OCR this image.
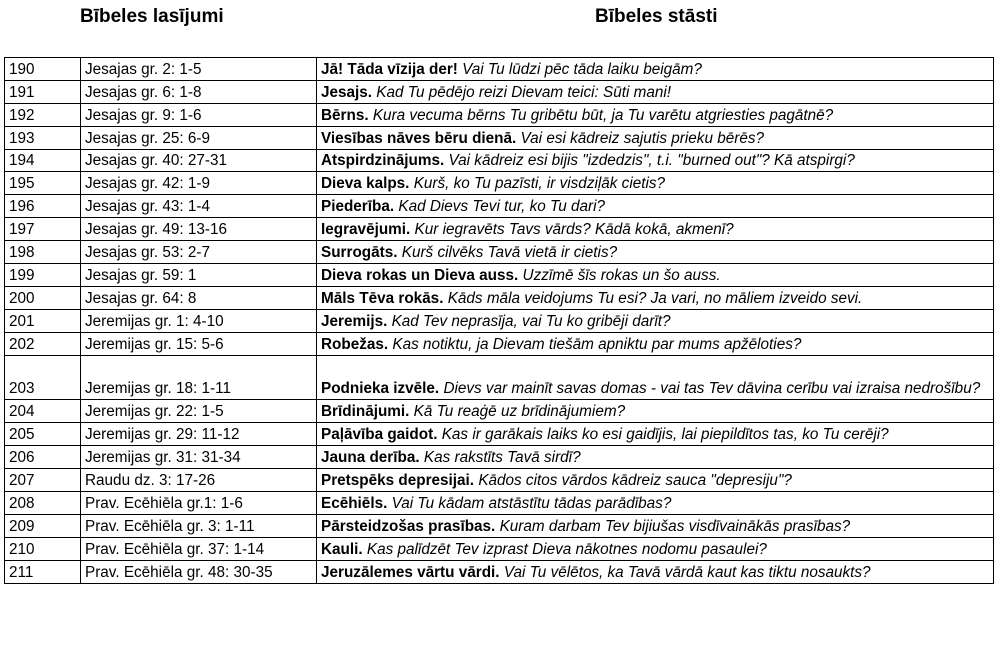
Bībeles lasījumi	Bībeles stāsti
190	Jesajas gr. 2: 1-5	Jā! Tāda vīzija der! Vai Tu lūdzi pēc tāda laiku beigām?
191	Jesajas gr. 6: 1-8	Jesajs. Kad Tu pēdējo reizi Dievam teici: Sūti mani!
192	Jesajas gr. 9: 1-6	Bērns. Kura vecuma bērns Tu gribētu būt, ja Tu varētu atgriesties pagātnē?
193	Jesajas gr. 25: 6-9	Viesības nāves bēru dienā. Vai esi kādreiz sajutis prieku bērēs?
194	Jesajas gr. 40: 27-31	Atspirdzinājums. Vai kādreiz esi bijis "izdedzis", t.i. "burned out"? Kā atspirgi?
195	Jesajas gr. 42: 1-9	Dieva kalps. Kurš, ko Tu pazīsti, ir visdziļāk cietis?
196	Jesajas gr. 43: 1-4	Piederība. Kad Dievs Tevi tur, ko Tu dari?
197	Jesajas gr. 49: 13-16	Iegravējumi. Kur iegravēts Tavs vārds? Kādā kokā, akmenī?
198	Jesajas gr. 53: 2-7	Surrogāts. Kurš cilvēks Tavā vietā ir cietis?
199	Jesajas gr. 59: 1	Dieva rokas un Dieva auss. Uzzīmē šīs rokas un šo auss.
200	Jesajas gr. 64: 8	Māls Tēva rokās. Kāds māla veidojums Tu esi? Ja vari, no māliem izveido sevi.
201	Jeremijas gr. 1: 4-10	Jeremijs. Kad Tev neprasīja, vai Tu ko gribēji darīt?
202	Jeremijas gr. 15: 5-6	Robežas. Kas notiktu, ja Dievam tiešām apniktu par mums apžēloties?
203	Jeremijas gr. 18: 1-11	Podnieka izvēle. Dievs var mainīt savas domas - vai tas Tev dāvina cerību vai izraisa nedrošību?
204	Jeremijas gr. 22: 1-5	Brīdinājumi. Kā Tu reaģē uz brīdinājumiem?
205	Jeremijas gr. 29: 11-12	Paļāvība gaidot. Kas ir garākais laiks ko esi gaidījis, lai piepildītos tas, ko Tu cerēji?
206	Jeremijas gr. 31: 31-34	Jauna derība. Kas rakstīts Tavā sirdī?
207	Raudu dz. 3: 17-26	Pretspēks depresijai. Kādos citos vārdos kādreiz sauca "depresiju"?
208	Prav. Ecēhiēla gr.1: 1-6	Ecēhiēls. Vai Tu kādam atstāstītu tādas parādības?
209	Prav. Ecēhiēla gr. 3: 1-11	Pārsteidzošas prasības. Kuram darbam Tev bijiušas visdīvainākās prasības?
210	Prav. Ecēhiēla gr. 37: 1-14	Kauli. Kas palīdzēt Tev izprast Dieva nākotnes nodomu pasaulei?
211	Prav. Ecēhiēla gr. 48: 30-35	Jeruzālemes vārtu vārdi. Vai Tu vēlētos, ka Tavā vārdā kaut kas tiktu nosaukts?
